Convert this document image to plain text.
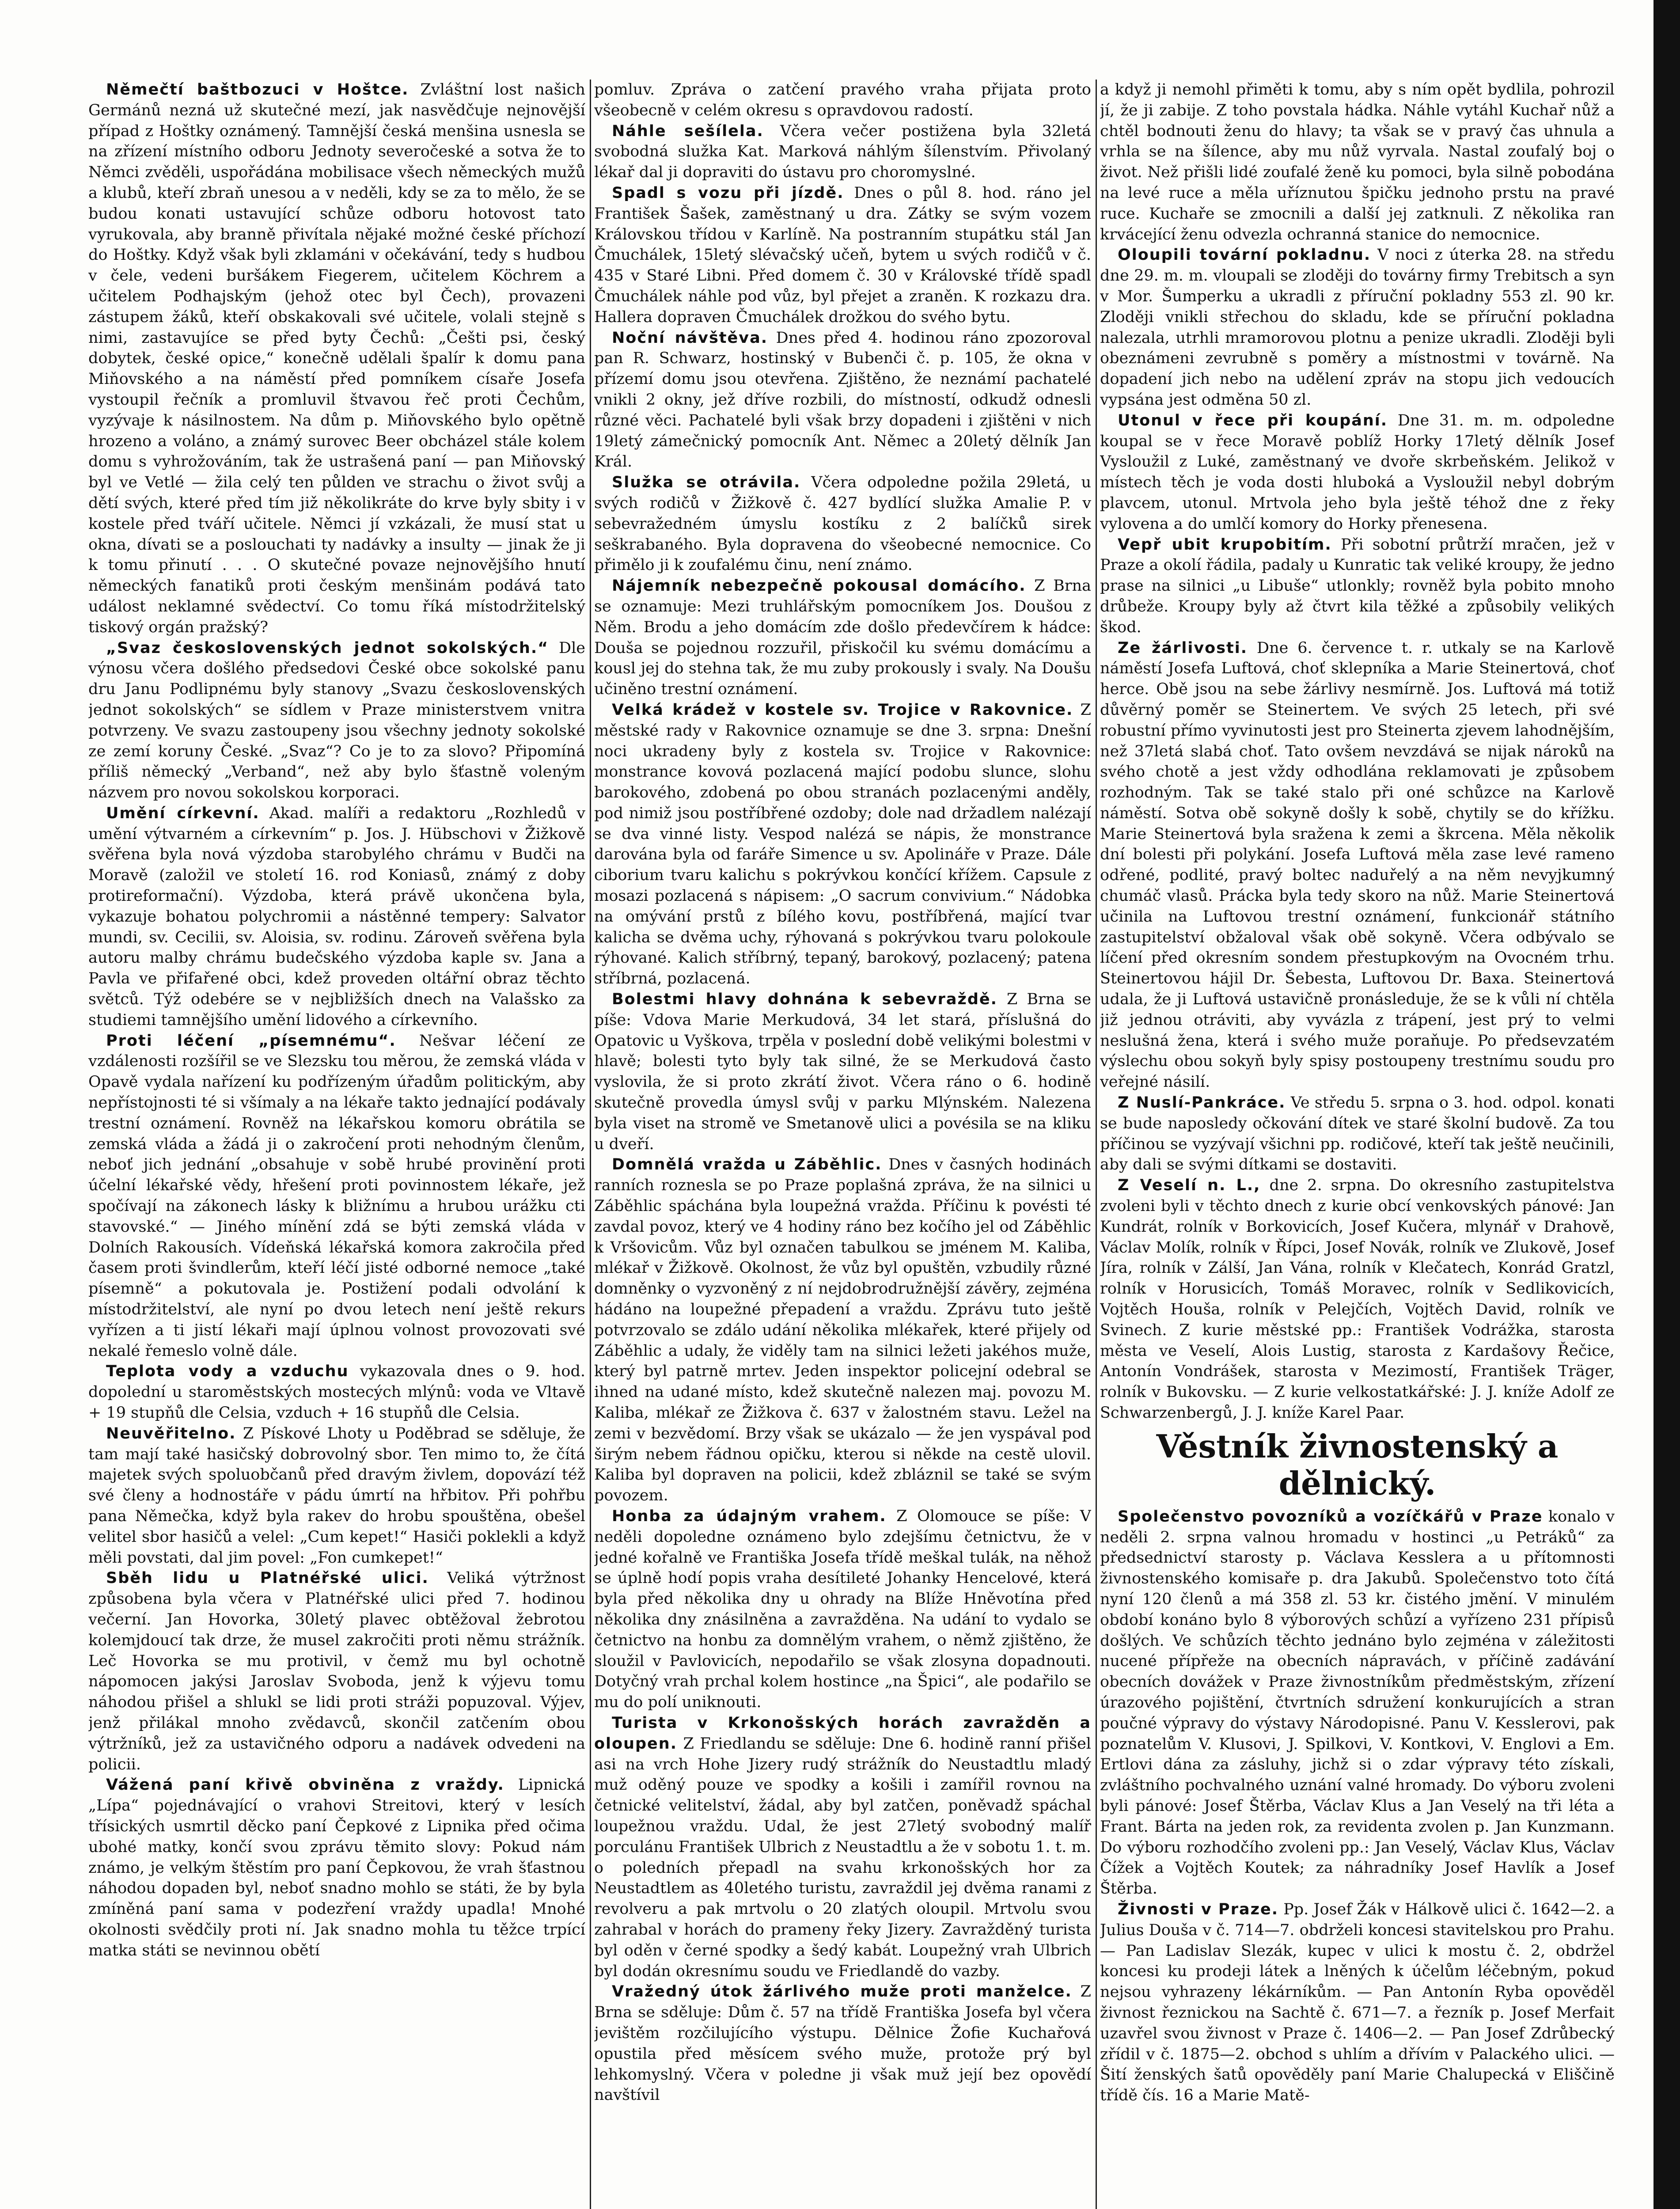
Němečtí baštbozuci v Hoštce. Zvláštní lost našich Germánů nezná už skutečné mezí, jak nasvědčuje nejnovější případ z Hoštky oznámený. Tamnější česká menšina usnesla se na zřízení místního odboru Jednoty severočeské a sotva že to Němci zvěděli, uspořádána mobilisace všech německých mužů a klubů, kteří zbraň unesou a v neděli, kdy se za to mělo, že se budou konati ustavující schůze odboru hotovost tato vyrukovala, aby branně přivítala nějaké možné české příchozí do Hoštky. Když však byli zklamáni v očekávání, tedy s hudbou v čele, vedeni buršákem Fiegerem, učitelem Köchrem a učitelem Podhajským (jehož otec byl Čech), provazeni zástupem žáků, kteří obskakovali své učitele, volali stejně s nimi, zastavujíce se před byty Čechů: „Češti psi, český dobytek, české opice,“ konečně udělali špalír k domu pana Miňovského a na náměstí před pomníkem císaře Josefa vystoupil řečník a promluvil štvavou řeč proti Čechům, vyzývaje k násilnostem. Na dům p. Miňovského bylo opětně hrozeno a voláno, a známý surovec Beer obcházel stále kolem domu s vyhrožováním, tak že ustrašená paní — pan Miňovský byl ve Vetlé — žila celý ten půlden ve strachu o život svůj a dětí svých, které před tím již několikráte do krve byly sbity i v kostele před tváří učitele. Němci jí vzkázali, že musí stat u okna, dívati se a poslouchati ty nadávky a insulty — jinak že ji k tomu přinutí . . . O skutečné povaze nejnovějšího hnutí německých fanatiků proti českým menšinám podává tato událost neklamné svědectví. Co tomu říká místodržitelský tiskový orgán pražský?

„Svaz československých jednot sokolských.“ Dle výnosu včera došlého předsedovi České obce sokolské panu dru Janu Podlipnému byly stanovy „Svazu československých jednot sokolských“ se sídlem v Praze ministerstvem vnitra potvrzeny. Ve svazu zastoupeny jsou všechny jednoty sokolské ze zemí koruny České. „Svaz“? Co je to za slovo? Připomíná příliš německý „Verband“, než aby bylo šťastně voleným názvem pro novou sokolskou korporaci.

Umění církevní. Akad. malíři a redaktoru „Rozhledů v umění výtvarném a církevním“ p. Jos. J. Hübschovi v Žižkově svěřena byla nová výzdoba starobylého chrámu v Budči na Moravě (založil ve století 16. rod Koniasů, známý z doby protireformační). Výzdoba, která právě ukončena byla, vykazuje bohatou polychromii a nástěnné tempery: Salvator mundi, sv. Cecilii, sv. Aloisia, sv. rodinu. Zároveň svěřena byla autoru malby chrámu budečského výzdoba kaple sv. Jana a Pavla ve přifařené obci, kdež proveden oltářní obraz těchto světců. Týž odebére se v nejbližších dnech na Valašsko za studiemi tamnějšího umění lidového a církevního.

Proti léčení „písemnému“. Nešvar léčení ze vzdálenosti rozšířil se ve Slezsku tou měrou, že zemská vláda v Opavě vydala nařízení ku podřízeným úřadům politickým, aby nepřístojnosti té si všímaly a na lékaře takto jednající podávaly trestní oznámení. Rovněž na lékařskou komoru obrátila se zemská vláda a žádá ji o zakročení proti nehodným členům, neboť jich jednání „obsahuje v sobě hrubé provinění proti účelní lékařské vědy, hřešení proti povinnostem lékaře, jež spočívají na zákonech lásky k bližnímu a hrubou urážku cti stavovské.“ — Jiného mínění zdá se býti zemská vláda v Dolních Rakousích. Vídeňská lékařská komora zakročila před časem proti švindlerům, kteří léčí jisté odborné nemoce „také písemně“ a pokutovala je. Postižení podali odvolání k místodržitelství, ale nyní po dvou letech není ještě rekurs vyřízen a ti jistí lékaři mají úplnou volnost provozovati své nekalé řemeslo volně dále.

Teplota vody a vzduchu vykazovala dnes o 9. hod. dopolední u staroměstských mostecých mlýnů: voda ve Vltavě + 19 stupňů dle Celsia, vzduch + 16 stupňů dle Celsia.

Neuvěřitelno. Z Pískové Lhoty u Poděbrad se sděluje, že tam mají také hasičský dobrovolný sbor. Ten mimo to, že čítá majetek svých spoluobčanů před dravým živlem, dopovází též své členy a hodnostáře v pádu úmrtí na hřbitov. Při pohřbu pana Němečka, když byla rakev do hrobu spouštěna, obešel velitel sbor hasičů a velel: „Cum kepet!“ Hasiči poklekli a když měli povstati, dal jim povel: „Fon cumkepet!“

Sběh lidu u Platnéřské ulici. Veliká výtržnost způsobena byla včera v Platnéřské ulici před 7. hodinou večerní. Jan Hovorka, 30letý plavec obtěžoval žebrotou kolemjdoucí tak drze, že musel zakročiti proti němu strážník. Leč Hovorka se mu protivil, v čemž mu byl ochotně nápomocen jakýsi Jaroslav Svoboda, jenž k výjevu tomu náhodou přišel a shlukl se lidi proti stráži popuzoval. Výjev, jenž přilákal mnoho zvědavců, skončil zatčením obou výtržníků, jež za ustavičného odporu a nadávek odvedeni na policii.

Vážená paní křivě obviněna z vraždy. Lipnická „Lípa“ pojednávající o vrahovi Streitovi, který v lesích třísických usmrtil děcko paní Čepkové z Lipnika před očima ubohé matky, končí svou zprávu těmito slovy: Pokud nám známo, je velkým štěstím pro paní Čepkovou, že vrah šťastnou náhodou dopaden byl, neboť snadno mohlo se státi, že by byla zmíněná paní sama v podezření vraždy upadla! Mnohé okolnosti svědčily proti ní. Jak snadno mohla tu těžce trpící matka státi se nevinnou obětí

pomluv. Zpráva o zatčení pravého vraha přijata proto všeobecně v celém okresu s opravdovou radostí.

Náhle sešílela. Včera večer postižena byla 32letá svobodná služka Kat. Marková náhlým šílenstvím. Přivolaný lékař dal ji dopraviti do ústavu pro choromyslné.

Spadl s vozu při jízdě. Dnes o půl 8. hod. ráno jel František Šašek, zaměstnaný u dra. Zátky se svým vozem Královskou třídou v Karlíně. Na postranním stupátku stál Jan Čmuchálek, 15letý slévačský učeň, bytem u svých rodičů v č. 435 v Staré Libni. Před domem č. 30 v Královské třídě spadl Čmuchálek náhle pod vůz, byl přejet a zraněn. K rozkazu dra. Hallera dopraven Čmuchálek drožkou do svého bytu.

Noční návštěva. Dnes před 4. hodinou ráno zpozoroval pan R. Schwarz, hostinský v Bubenči č. p. 105, že okna v přízemí domu jsou otevřena. Zjištěno, že neznámí pachatelé vnikli 2 okny, jež dříve rozbili, do místností, odkudž odnesli různé věci. Pachatelé byli však brzy dopadeni i zjištěni v nich 19letý zámečnický pomocník Ant. Němec a 20letý dělník Jan Král.

Služka se otrávila. Včera odpoledne požila 29letá, u svých rodičů v Žižkově č. 427 bydlící služka Amalie P. v sebevražedném úmyslu kostíku z 2 balíčků sirek seškrabaného. Byla dopravena do všeobecné nemocnice. Co přimělo ji k zoufalému činu, není známo.

Nájemník nebezpečně pokousal domácího. Z Brna se oznamuje: Mezi truhlářským pomocníkem Jos. Doušou z Něm. Brodu a jeho domácím zde došlo předevčírem k hádce: Douša se pojednou rozzuřil, přiskočil ku svému domácímu a kousl jej do stehna tak, že mu zuby prokously i svaly. Na Doušu učiněno trestní oznámení.

Velká krádež v kostele sv. Trojice v Rakovnice. Z městské rady v Rakovnice oznamuje se dne 3. srpna: Dnešní noci ukradeny byly z kostela sv. Trojice v Rakovnice: monstrance kovová pozlacená mající podobu slunce, slohu barokového, zdobená po obou stranách pozlacenými anděly, pod nimiž jsou postříbřené ozdoby; dole nad držadlem nalézají se dva vinné listy. Vespod nalézá se nápis, že monstrance darována byla od faráře Simence u sv. Apolináře v Praze. Dále ciborium tvaru kalichu s pokrývkou končící křížem. Capsule z mosazi pozlacená s nápisem: „O sacrum convivium.“ Nádobka na omývání prstů z bílého kovu, postříbřená, mající tvar kalicha se dvěma uchy, rýhovaná s pokrývkou tvaru polokoule rýhované. Kalich stříbrný, tepaný, barokový, pozlacený; patena stříbrná, pozlacená.

Bolestmi hlavy dohnána k sebevraždě. Z Brna se píše: Vdova Marie Merkudová, 34 let stará, příslušná do Opatovic u Vyškova, trpěla v poslední době velikými bolestmi v hlavě; bolesti tyto byly tak silné, že se Merkudová často vyslovila, že si proto zkrátí život. Včera ráno o 6. hodině skutečně provedla úmysl svůj v parku Mlýnském. Nalezena byla viset na stromě ve Smetanově ulici a povésila se na kliku u dveří.

Domnělá vražda u Záběhlic. Dnes v časných hodinách ranních roznesla se po Praze poplašná zpráva, že na silnici u Záběhlic spáchána byla loupežná vražda. Příčinu k povésti té zavdal povoz, který ve 4 hodiny ráno bez kočího jel od Záběhlic k Vršovicům. Vůz byl označen tabulkou se jménem M. Kaliba, mlékař v Žižkově. Okolnost, že vůz byl opuštěn, vzbudily různé domněnky o vyzvoněný z ní nejdobrodružnější závěry, zejména hádáno na loupežné přepadení a vraždu. Zprávu tuto ještě potvrzovalo se zdálo udání několika mlékařek, které přijely od Záběhlic a udaly, že viděly tam na silnici ležeti jakéhos muže, který byl patrně mrtev. Jeden inspektor policejní odebral se ihned na udané místo, kdež skutečně nalezen maj. povozu M. Kaliba, mlékař ze Žižkova č. 637 v žalostném stavu. Ležel na zemi v bezvědomí. Brzy však se ukázalo — že jen vyspával pod širým nebem řádnou opičku, kterou si někde na cestě ulovil. Kaliba byl dopraven na policii, kdež zbláznil se také se svým povozem.

Honba za údajným vrahem. Z Olomouce se píše: V neděli dopoledne oznámeno bylo zdejšímu četnictvu, že v jedné kořalně ve Františka Josefa třídě meškal tulák, na něhož se úplně hodí popis vraha desítileté Johanky Hencelové, která byla před několika dny u ohrady na Blíže Hněvotína před několika dny znásilněna a zavražděna. Na udání to vydalo se četnictvo na honbu za domnělým vrahem, o němž zjištěno, že sloužil v Pavlovicích, nepodařilo se však zlosyna dopadnouti. Dotyčný vrah prchal kolem hostince „na Špici“, ale podařilo se mu do polí uniknouti.

Turista v Krkonošských horách zavražděn a oloupen. Z Friedlandu se sděluje: Dne 6. hodině ranní přišel asi na vrch Hohe Jizery rudý strážník do Neustadtlu mladý muž oděný pouze ve spodky a košili i zamířil rovnou na četnické velitelství, žádal, aby byl zatčen, poněvadž spáchal loupežnou vraždu. Udal, že jest 27letý svobodný malíř porculánu František Ulbrich z Neustadtlu a že v sobotu 1. t. m. o poledních přepadl na svahu krkonošských hor za Neustadtlem as 40letého turistu, zavraždil jej dvěma ranami z revolveru a pak mrtvolu o 20 zlatých oloupil. Mrtvolu svou zahrabal v horách do prameny řeky Jizery. Zavražděný turista byl oděn v černé spodky a šedý kabát. Loupežný vrah Ulbrich byl dodán okresnímu soudu ve Friedlandě do vazby.

Vražedný útok žárlivého muže proti manželce. Z Brna se sděluje: Dům č. 57 na třídě Františka Josefa byl včera jevištěm rozčilujícího výstupu. Dělnice Žofie Kuchařová opustila před měsícem svého muže, protože prý byl lehkomyslný. Včera v poledne ji však muž její bez opovědí navštívil

a když ji nemohl přiměti k tomu, aby s ním opět bydlila, pohrozil jí, že ji zabije. Z toho povstala hádka. Náhle vytáhl Kuchař nůž a chtěl bodnouti ženu do hlavy; ta však se v pravý čas uhnula a vrhla se na šílence, aby mu nůž vyrvala. Nastal zoufalý boj o život. Než přišli lidé zoufalé ženě ku pomoci, byla silně pobodána na levé ruce a měla uříznutou špičku jednoho prstu na pravé ruce. Kuchaře se zmocnili a další jej zatknuli. Z několika ran krvácející ženu odvezla ochranná stanice do nemocnice.

Oloupili tovární pokladnu. V noci z úterka 28. na středu dne 29. m. m. vloupali se zloději do továrny firmy Trebitsch a syn v Mor. Šumperku a ukradli z příruční pokladny 553 zl. 90 kr. Zloději vnikli střechou do skladu, kde se příruční pokladna nalezala, utrhli mramorovou plotnu a penize ukradli. Zloději byli obeznámeni zevrubně s poměry a místnostmi v továrně. Na dopadení jich nebo na udělení zpráv na stopu jich vedoucích vypsána jest odměna 50 zl.

Utonul v řece při koupání. Dne 31. m. m. odpoledne koupal se v řece Moravě poblíž Horky 17letý dělník Josef Vysloužil z Luké, zaměstnaný ve dvoře skrbeňském. Jelikož v místech těch je voda dosti hluboká a Vysloužil nebyl dobrým plavcem, utonul. Mrtvola jeho byla ještě téhož dne z řeky vylovena a do umlčí komory do Horky přenesena.

Vepř ubit krupobitím. Při sobotní průtrží mračen, jež v Praze a okolí řádila, padaly u Kunratic tak veliké kroupy, že jedno prase na silnici „u Libuše“ utlonkly; rovněž byla pobito mnoho drůbeže. Kroupy byly až čtvrt kila těžké a způsobily velikých škod.

Ze žárlivosti. Dne 6. července t. r. utkaly se na Karlově náměstí Josefa Luftová, choť sklepníka a Marie Steinertová, choť herce. Obě jsou na sebe žárlivy nesmírně. Jos. Luftová má totiž důvěrný poměr se Steinertem. Ve svých 25 letech, při své robustní přímo vyvinutosti jest pro Steinerta zjevem lahodnějším, než 37letá slabá choť. Tato ovšem nevzdává se nijak nároků na svého chotě a jest vždy odhodlána reklamovati je způsobem rozhodným. Tak se také stalo při oné schůzce na Karlově náměstí. Sotva obě sokyně došly k sobě, chytily se do křížku. Marie Steinertová byla sražena k zemi a škrcena. Měla několik dní bolesti při polykání. Josefa Luftová měla zase levé rameno odřené, podlité, pravý boltec naduřelý a na něm nevyjkumný chumáč vlasů. Prácka byla tedy skoro na nůž. Marie Steinertová učinila na Luftovou trestní oznámení, funkcionář státního zastupitelství obžaloval však obě sokyně. Včera odbývalo se líčení před okresním sondem přestupkovým na Ovocném trhu. Steinertovou hájil Dr. Šebesta, Luftovou Dr. Baxa. Steinertová udala, že ji Luftová ustavičně pronásleduje, že se k vůli ní chtěla již jednou otráviti, aby vyvázla z trápení, jest prý to velmi neslušná žena, která i svého muže poraňuje. Po předsevzatém výslechu obou sokyň byly spisy postoupeny trestnímu soudu pro veřejné násilí.

Z Nuslí-Pankráce. Ve středu 5. srpna o 3. hod. odpol. konati se bude naposledy očkování dítek ve staré školní budově. Za tou příčinou se vyzývají všichni pp. rodičové, kteří tak ještě neučinili, aby dali se svými dítkami se dostaviti.

Z Veselí n. L., dne 2. srpna. Do okresního zastupitelstva zvoleni byli v těchto dnech z kurie obcí venkovských pánové: Jan Kundrát, rolník v Borkovicích, Josef Kučera, mlynář v Drahově, Václav Molík, rolník v Řípci, Josef Novák, rolník ve Zlukově, Josef Jíra, rolník v Zálší, Jan Vána, rolník v Klečatech, Konrád Gratzl, rolník v Horusicích, Tomáš Moravec, rolník v Sedlikovicích, Vojtěch Houša, rolník v Pelejčích, Vojtěch David, rolník ve Svinech. Z kurie městské pp.: František Vodrážka, starosta města ve Veselí, Alois Lustig, starosta z Kardašovy Řečice, Antonín Vondrášek, starosta v Mezimostí, František Träger, rolník v Bukovsku. — Z kurie velkostatkářské: J. J. kníže Adolf ze Schwarzenbergů, J. J. kníže Karel Paar.

Věstník živnostenský a dělnický.

Společenstvo povozníků a vozíčkářů v Praze konalo v neděli 2. srpna valnou hromadu v hostinci „u Petráků“ za předsednictví starosty p. Václava Kesslera a u přítomnosti živnostenského komisaře p. dra Jakubů. Společenstvo toto čítá nyní 120 členů a má 358 zl. 53 kr. čistého jmění. V minulém období konáno bylo 8 výborových schůzí a vyřízeno 231 přípisů došlých. Ve schůzích těchto jednáno bylo zejména v záležitosti nucené přípřeže na obecních nápravách, v příčině zadávání obecních dovážek v Praze živnostníkům předměstským, zřízení úrazového pojištění, čtvrtních sdružení konkurujících a stran poučné výpravy do výstavy Národopisné. Panu V. Kesslerovi, pak poznatelům V. Klusovi, J. Spilkovi, V. Kontkovi, V. Englovi a Em. Ertlovi dána za zásluhy, jichž si o zdar výpravy této získali, zvláštního pochvalného uznání valné hromady. Do výboru zvoleni byli pánové: Josef Štěrba, Václav Klus a Jan Veselý na tři léta a Frant. Bárta na jeden rok, za revidenta zvolen p. Jan Kunzmann. Do výboru rozhodčího zvoleni pp.: Jan Veselý, Václav Klus, Václav Čížek a Vojtěch Koutek; za náhradníky Josef Havlík a Josef Štěrba.

Živnosti v Praze. Pp. Josef Žák v Hálkově ulici č. 1642—2. a Julius Douša v č. 714—7. obdrželi koncesi stavitelskou pro Prahu. — Pan Ladislav Slezák, kupec v ulici k mostu č. 2, obdržel koncesi ku prodeji látek a lněných k účelům léčebným, pokud nejsou vyhrazeny lékárníkům. — Pan Antonín Ryba opověděl živnost řeznickou na Sachtě č. 671—7. a řezník p. Josef Merfait uzavřel svou živnost v Praze č. 1406—2. — Pan Josef Zdrůbecký zřídil v č. 1875—2. obchod s uhlím a dřívím v Palackého ulici. — Šití ženských šatů opověděly paní Marie Chalupecká v Eliščině třídě čís. 16 a Marie Matě-
